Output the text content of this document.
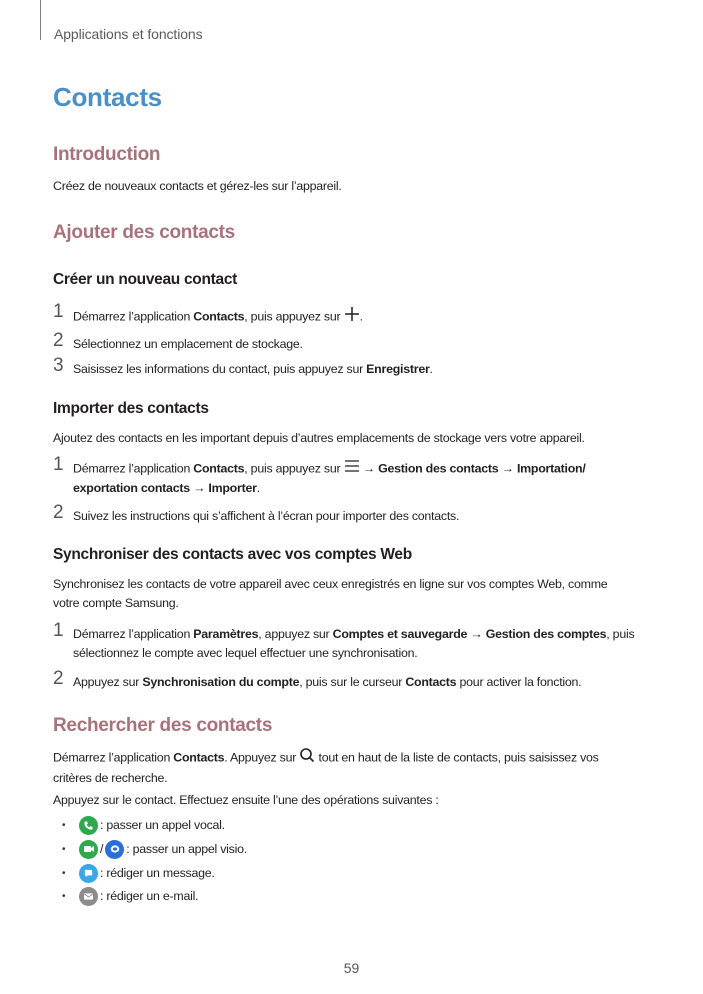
Applications et fonctions
Contacts
Introduction
Créez de nouveaux contacts et gérez-les sur l’appareil.
Ajouter des contacts
Créer un nouveau contact
1 Démarrez l’application Contacts, puis appuyez sur .
2 Sélectionnez un emplacement de stockage.
3 Saisissez les informations du contact, puis appuyez sur Enregistrer.
Importer des contacts
Ajoutez des contacts en les important depuis d’autres emplacements de stockage vers votre appareil.
1 Démarrez l’application Contacts, puis appuyez sur  → Gestion des contacts → Importation/ exportation contacts → Importer.
2 Suivez les instructions qui s’affichent à l’écran pour importer des contacts.
Synchroniser des contacts avec vos comptes Web
Synchronisez les contacts de votre appareil avec ceux enregistrés en ligne sur vos comptes Web, comme votre compte Samsung.
1 Démarrez l’application Paramètres, appuyez sur Comptes et sauvegarde → Gestion des comptes, puis sélectionnez le compte avec lequel effectuer une synchronisation.
2 Appuyez sur Synchronisation du compte, puis sur le curseur Contacts pour activer la fonction.
Rechercher des contacts
Démarrez l’application Contacts. Appuyez sur  tout en haut de la liste de contacts, puis saisissez vos critères de recherche.
Appuyez sur le contact. Effectuez ensuite l’une des opérations suivantes :
•	: passer un appel vocal.
•	/ : passer un appel visio.
•	: rédiger un message.
•	: rédiger un e-mail.
59
